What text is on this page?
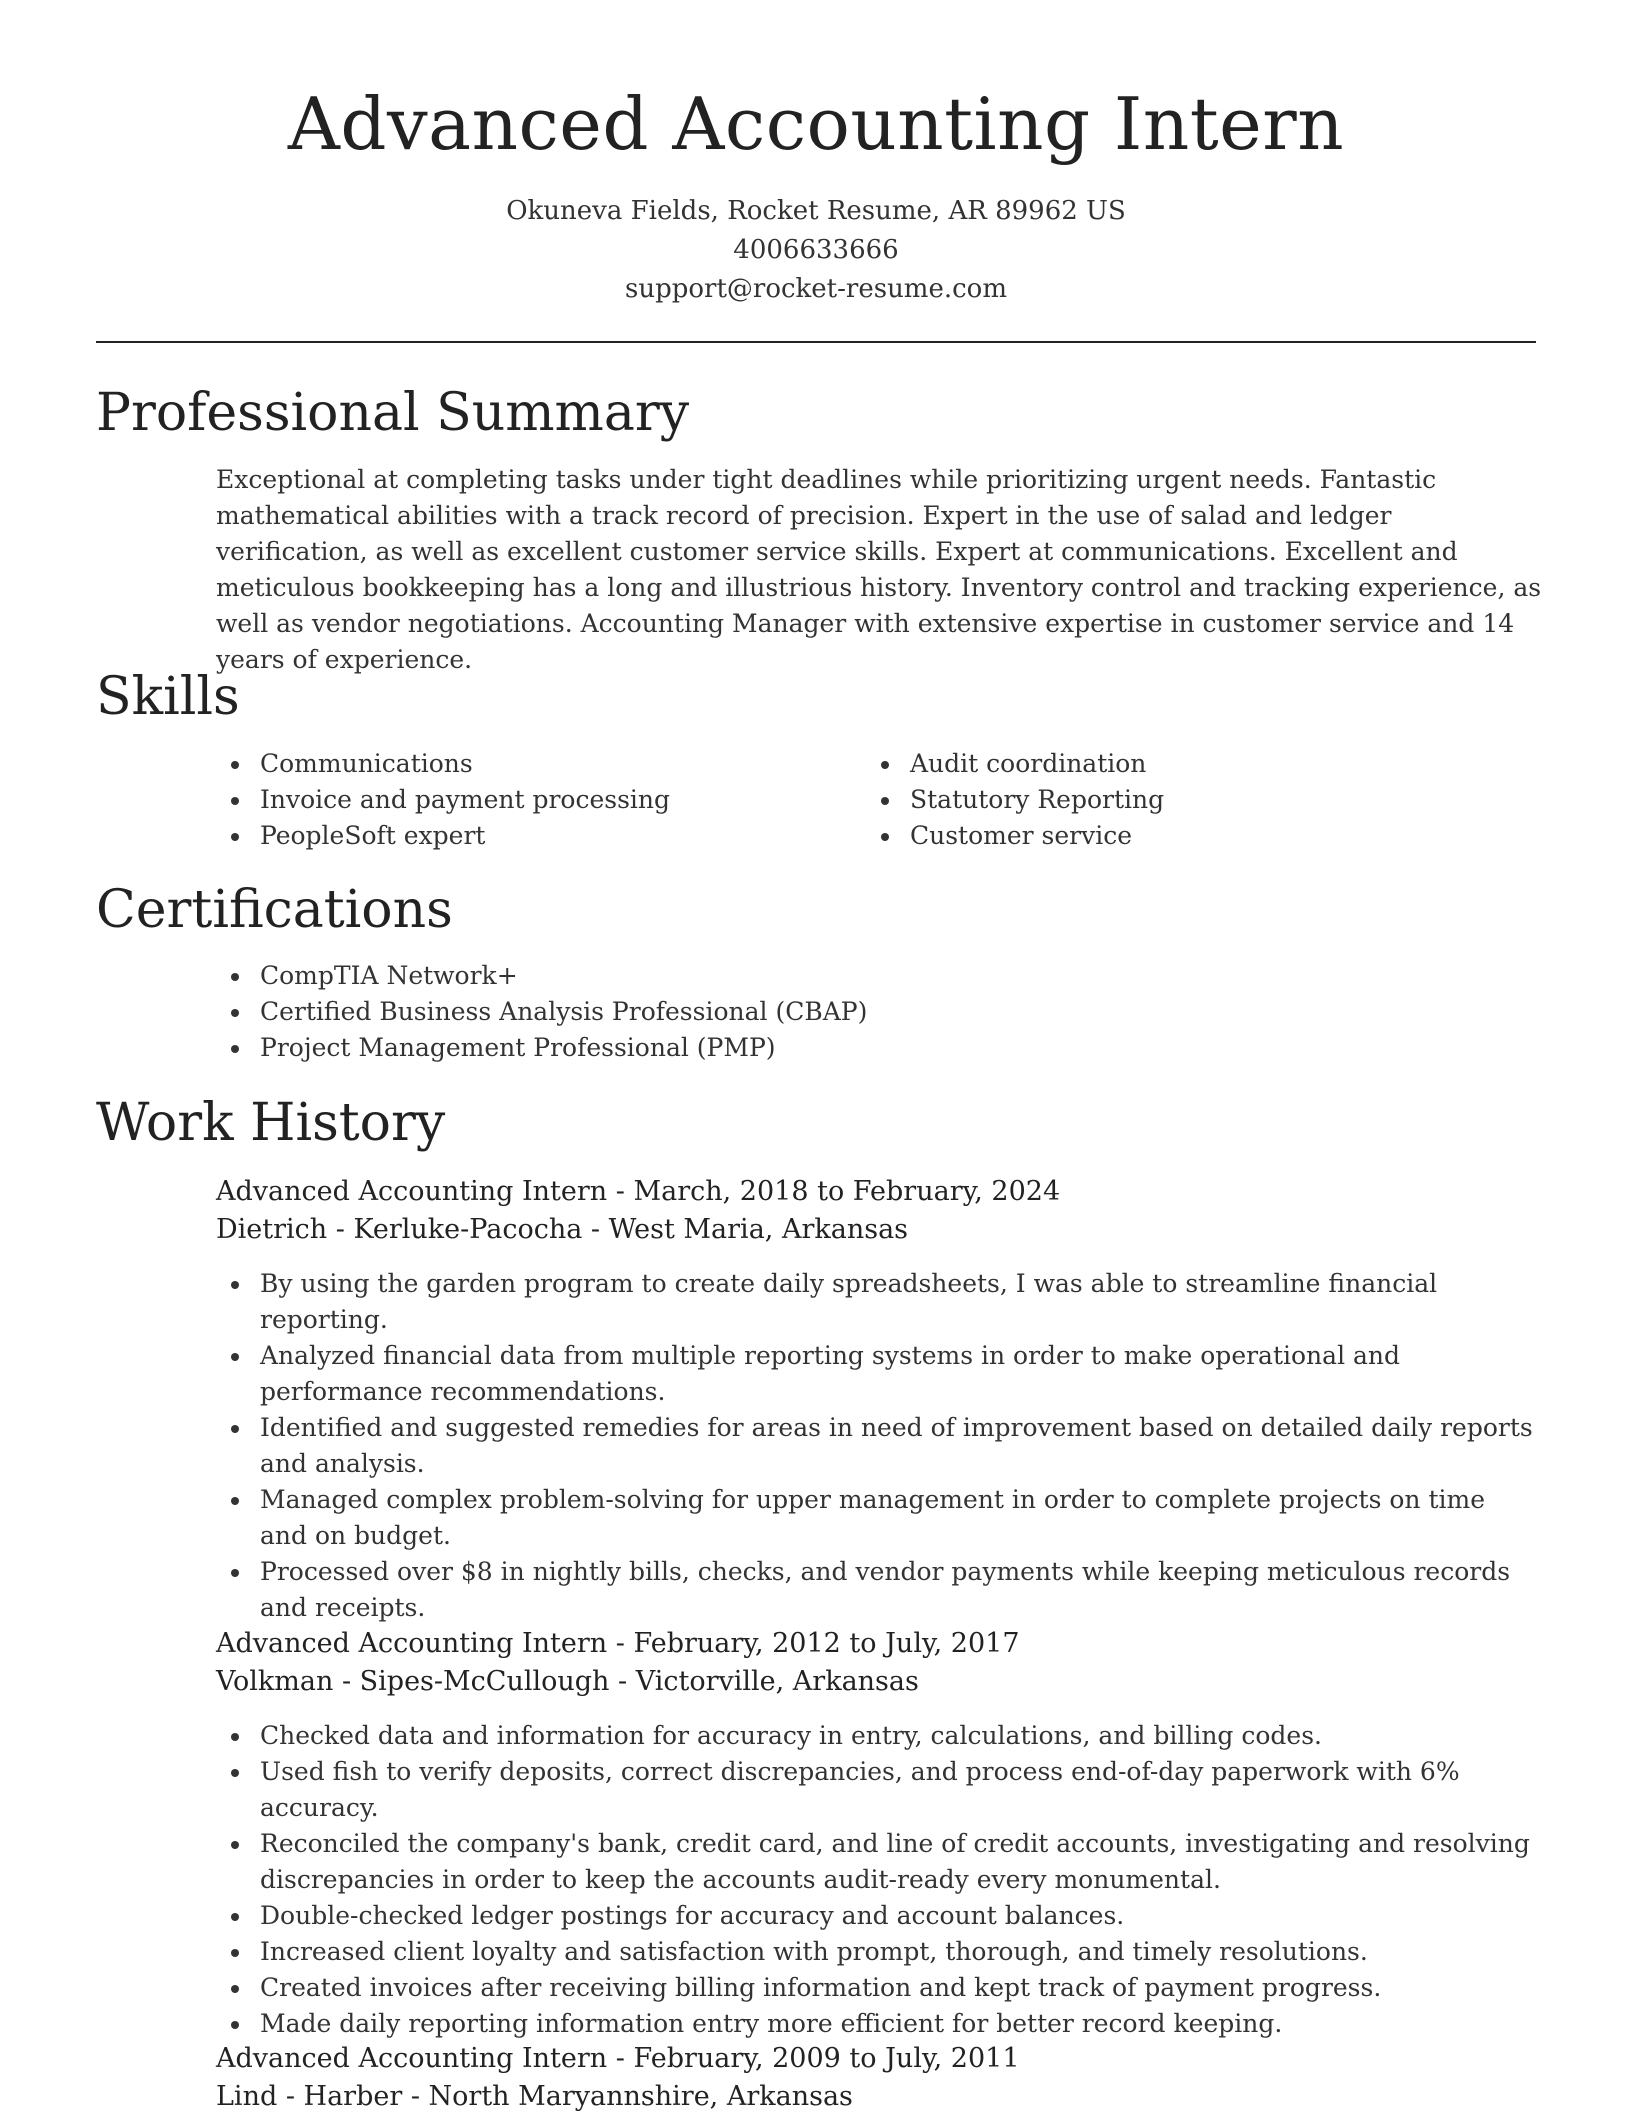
Advanced Accounting Intern
Okuneva Fields, Rocket Resume, AR 89962 US
4006633666
support@rocket-resume.com
Professional Summary

Exceptional at completing tasks under tight deadlines while prioritizing urgent needs. Fantastic mathematical abilities with a track record of precision. Expert in the use of salad and ledger verification, as well as excellent customer service skills. Expert at communications. Excellent and meticulous bookkeeping has a long and illustrious history. Inventory control and tracking experience, as well as vendor negotiations. Accounting Manager with extensive expertise in customer service and 14 years of experience.

Skills
Communications
Invoice and payment processing
PeopleSoft expert
Audit coordination
Statutory Reporting
Customer service
Certifications
CompTIA Network+
Certified Business Analysis Professional (CBAP)
Project Management Professional (PMP)
Work History
Advanced Accounting Intern - March, 2018 to February, 2024
Dietrich - Kerluke-Pacocha - West Maria, Arkansas
By using the garden program to create daily spreadsheets, I was able to streamline financial reporting.
Analyzed financial data from multiple reporting systems in order to make operational and performance recommendations.
Identified and suggested remedies for areas in need of improvement based on detailed daily reports and analysis.
Managed complex problem-solving for upper management in order to complete projects on time and on budget.
Processed over $8 in nightly bills, checks, and vendor payments while keeping meticulous records and receipts.
Advanced Accounting Intern - February, 2012 to July, 2017
Volkman - Sipes-McCullough - Victorville, Arkansas
Checked data and information for accuracy in entry, calculations, and billing codes.
Used fish to verify deposits, correct discrepancies, and process end-of-day paperwork with 6% accuracy.
Reconciled the company's bank, credit card, and line of credit accounts, investigating and resolving discrepancies in order to keep the accounts audit-ready every monumental.
Double-checked ledger postings for accuracy and account balances.
Increased client loyalty and satisfaction with prompt, thorough, and timely resolutions.
Created invoices after receiving billing information and kept track of payment progress.
Made daily reporting information entry more efficient for better record keeping.
Advanced Accounting Intern - February, 2009 to July, 2011
Lind - Harber - North Maryannshire, Arkansas
